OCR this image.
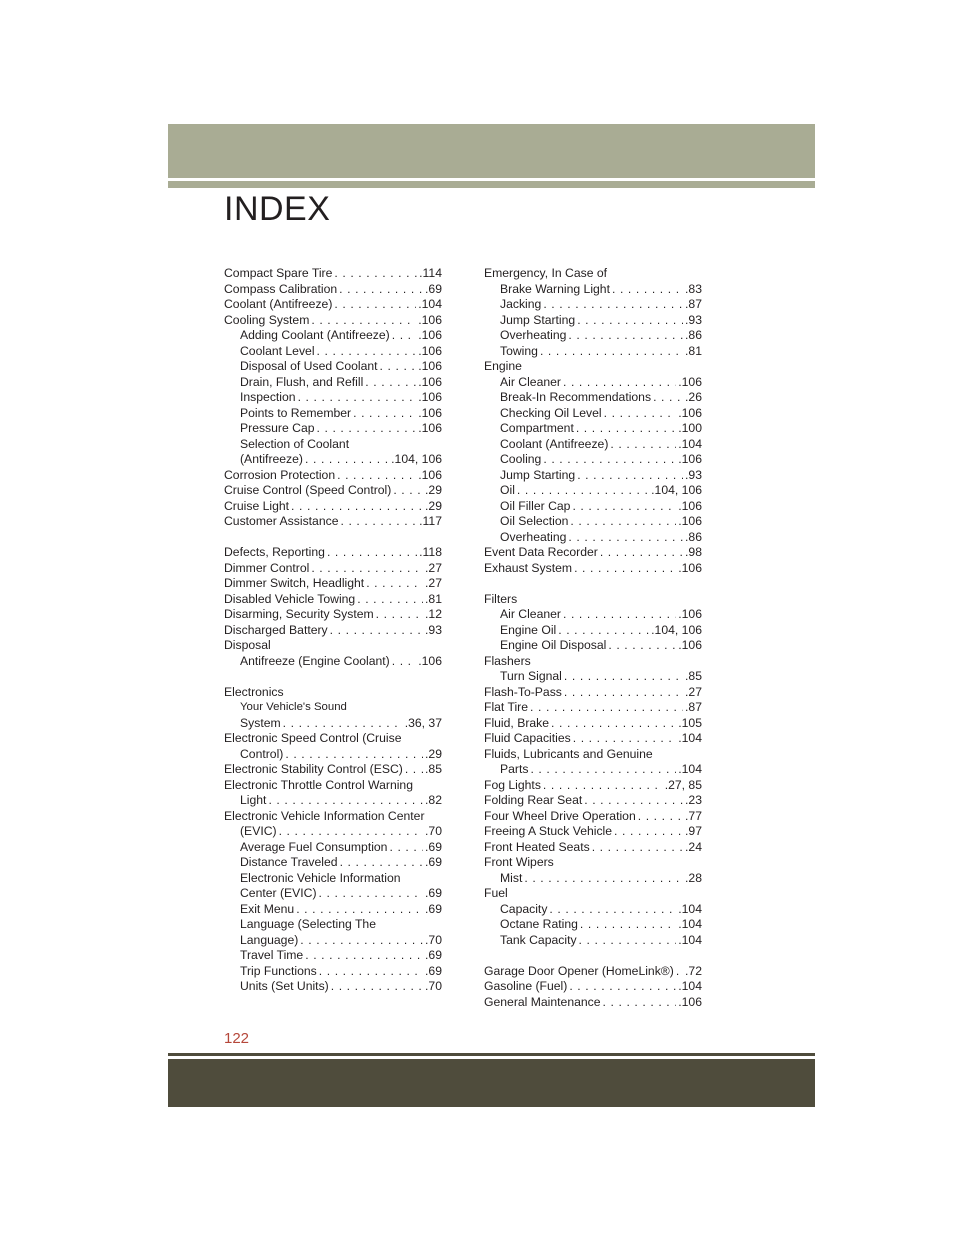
INDEX
Compact Spare Tire . . .	.114
Compass Calibration . . .	.69
Coolant (Antifreeze) . . .	.104
Cooling System . . .	.106
Adding Coolant (Antifreeze) . . . .106
Coolant Level . . .	.106
Disposal of Used Coolant . . .	.106
Drain, Flush, and Refill . . .	.106
Inspection . . .	.106
Points to Remember . . .	.106
Pressure Cap . . .	.106
Selection of Coolant
(Antifreeze) . . .	.104, 106
Corrosion Protection . . .	.106
Cruise Control (Speed Control) . . .	.29
Cruise Light . . .	.29
Customer Assistance . . .	.117
Defects, Reporting . . .	.118
Dimmer Control . . .	.27
Dimmer Switch, Headlight . . .	.27
Disabled Vehicle Towing . . .	.81
Disarming, Security System . . .	.12
Discharged Battery . . .	.93
Disposal
Antifreeze (Engine Coolant) . . . .106
Electronics
Your Vehicle's Sound
System . . .	.36, 37
Electronic Speed Control (Cruise
Control) . . .	.29
Electronic Stability Control (ESC) . . . .85
Electronic Throttle Control Warning
Light . . .	.82
Electronic Vehicle Information Center
(EVIC) . . .	.70
Average Fuel Consumption . . .	.69
Distance Traveled . . .	.69
Electronic Vehicle Information
Center (EVIC) . . .	.69
Exit Menu . . .	.69
Language (Selecting The
Language) . . .	.70
Travel Time . . .	.69
Trip Functions . . .	.69
Units (Set Units) . . .	.70
Emergency, In Case of
Brake Warning Light . . .	.83
Jacking . . .	.87
Jump Starting . . .	.93
Overheating . . .	.86
Towing . . .	.81
Engine
Air Cleaner . . .	.106
Break-In Recommendations . . .	.26
Checking Oil Level . . .	.106
Compartment . . .	.100
Coolant (Antifreeze) . . .	.104
Cooling . . .	.106
Jump Starting . . .	.93
Oil . . .	.104, 106
Oil Filler Cap . . .	.106
Oil Selection . . .	.106
Overheating . . .	.86
Event Data Recorder . . .	.98
Exhaust System . . .	.106
Filters
Air Cleaner . . .	.106
Engine Oil . . .	.104, 106
Engine Oil Disposal . . .	.106
Flashers
Turn Signal . . .	.85
Flash-To-Pass . . .	.27
Flat Tire . . .	.87
Fluid, Brake . . .	.105
Fluid Capacities . . .	.104
Fluids, Lubricants and Genuine
Parts . . .	.104
Fog Lights . . .	.27, 85
Folding Rear Seat . . .	.23
Four Wheel Drive Operation . . .	.77
Freeing A Stuck Vehicle . . .	.97
Front Heated Seats . . .	.24
Front Wipers
Mist . . .	.28
Fuel
Capacity . . .	.104
Octane Rating . . .	.104
Tank Capacity . . .	.104
Garage Door Opener (HomeLink®) . . . .72
Gasoline (Fuel) . . .	.104
General Maintenance . . .	.106
122
